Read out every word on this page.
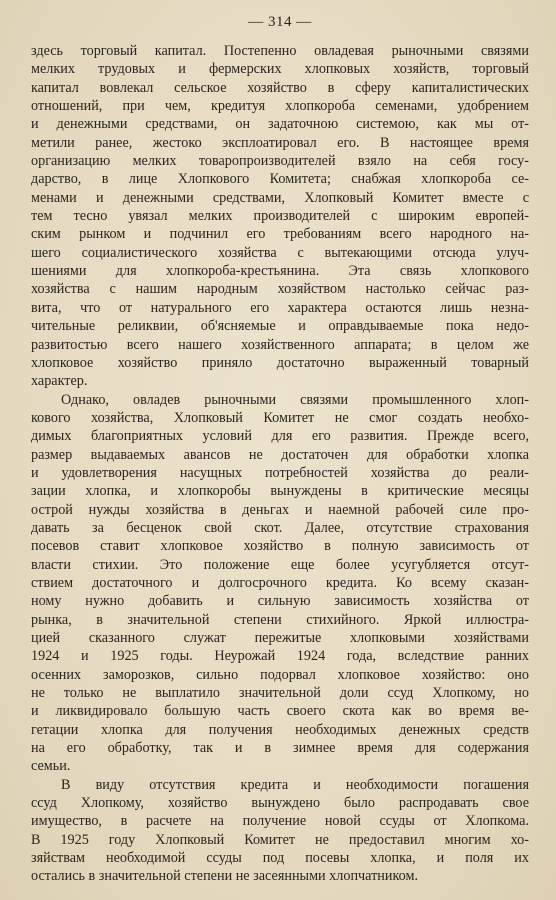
— 314 —
здесь торговый капитал. Постепенно овладевая рыночными связями
мелких трудовых и фермерских хлопковых хозяйств, торговый
капитал вовлекал сельское хозяйство в сферу капиталистических
отношений, при чем, кредитуя хлопкороба семенами, удобрением
и денежными средствами, он задаточною системою, как мы от-
метили ранее, жестоко эксплоатировал его. В настоящее время
организацию мелких товаропроизводителей взяло на себя госу-
дарство, в лице Хлопкового Комитета; снабжая хлопкороба се-
менами и денежными средствами, Хлопковый Комитет вместе с
тем тесно увязал мелких производителей с широким европей-
ским рынком и подчинил его требованиям всего народного на-
шего социалистического хозяйства с вытекающими отсюда улуч-
шениями для хлопкороба-крестьянина. Эта связь хлопкового
хозяйства с нашим народным хозяйством настолько сейчас раз-
вита, что от натурального его характера остаются лишь незна-
чительные реликвии, об'ясняемые и оправдываемые пока недо-
развитостью всего нашего хозяйственного аппарата; в целом же
хлопковое хозяйство приняло достаточно выраженный товарный
характер.
Однако, овладев рыночными связями промышленного хлоп-
кового хозяйства, Хлопковый Комитет не смог создать необхо-
димых благоприятных условий для его развития. Прежде всего,
размер выдаваемых авансов не достаточен для обработки хлопка
и удовлетворения насущных потребностей хозяйства до реали-
зации хлопка, и хлопкоробы вынуждены в критические месяцы
острой нужды хозяйства в деньгах и наемной рабочей силе про-
давать за бесценок свой скот. Далее, отсутствие страхования
посевов ставит хлопковое хозяйство в полную зависимость от
власти стихии. Это положение еще более усугубляется отсут-
ствием достаточного и долгосрочного кредита. Ко всему сказан-
ному нужно добавить и сильную зависимость хозяйства от
рынка, в значительной степени стихийного. Яркой иллюстра-
цией сказанного служат пережитые хлопковыми хозяйствами
1924 и 1925 годы. Неурожай 1924 года, вследствие ранних
осенних заморозков, сильно подорвал хлопковое хозяйство: оно
не только не выплатило значительной доли ссуд Хлопкому, но
и ликвидировало большую часть своего скота как во время ве-
гетации хлопка для получения необходимых денежных средств
на его обработку, так и в зимнее время для содержания
семьи.
В виду отсутствия кредита и необходимости погашения
ссуд Хлопкому, хозяйство вынуждено было распродавать свое
имущество, в расчете на получение новой ссуды от Хлопкома.
В 1925 году Хлопковый Комитет не предоставил многим хо-
зяйствам необходимой ссуды под посевы хлопка, и поля их
остались в значительной степени не засеянными хлопчатником.
